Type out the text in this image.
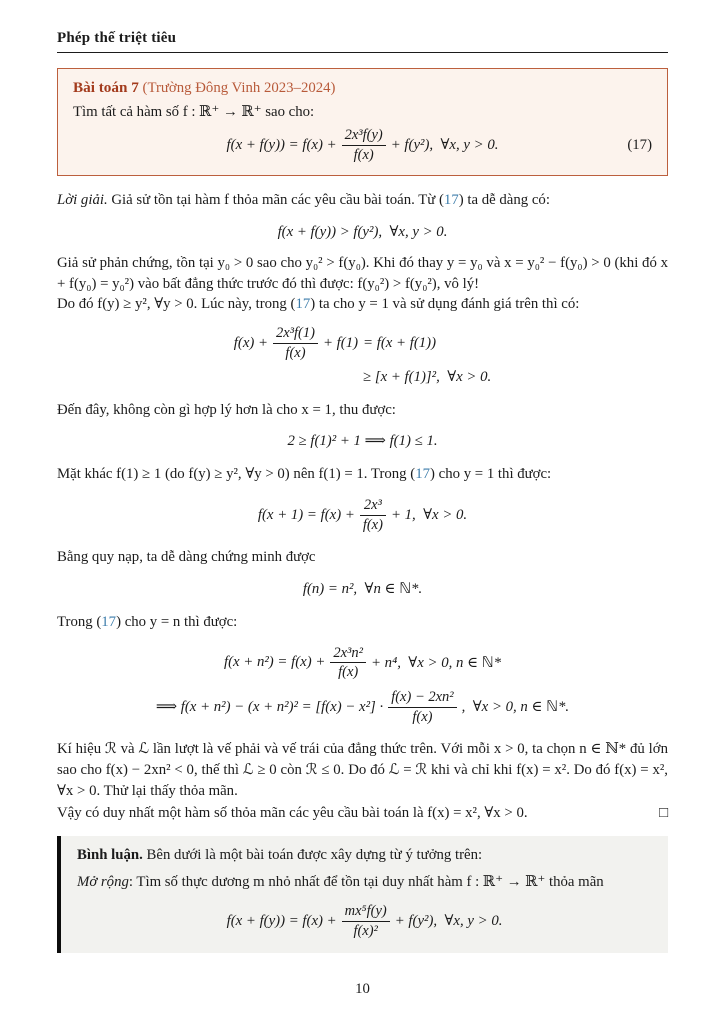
Phép thế triệt tiêu
Bài toán 7 (Trường Đông Vinh 2023–2024)
Tìm tất cả hàm số f : ℝ⁺ → ℝ⁺ sao cho:
$f(x + f(y)) = f(x) + \frac{\text{2x³f(y)}}{f(x)} + f(y^2)$, ∀x, y > 0.	(17)
Lời giải. Giả sử tồn tại hàm f thỏa mãn các yêu cầu bài toán. Từ (17) ta dễ dàng có:
f(x + f(y)) > f(y²), ∀x, y > 0.
Giả sử phản chứng, tồn tại y₀ > 0 sao cho y₀² > f(y₀). Khi đó thay y = y₀ và x = y₀² − f(y₀) > 0 (khi đó x + f(y₀) = y₀²) vào bất đẳng thức trước đó thì được: f(y₀²) > f(y₀²), vô lý!
Do đó f(y) ≥ y², ∀y > 0. Lúc này, trong (17) ta cho y = 1 và sử dụng đánh giá trên thì có:
$f(x) + \frac{\text{2x³f(1)}}{f(x)} + f(1)$	= f(x + f(1))
	≥ [x + f(1)]², ∀x > 0.
Đến đây, không còn gì hợp lý hơn là cho x = 1, thu được:
2 ≥ f(1)² + 1 ⟹ f(1) ≤ 1.
Mặt khác f(1) ≥ 1 (do f(y) ≥ y², ∀y > 0) nên f(1) = 1. Trong (17) cho y = 1 thì được:
$f(x + 1) = f(x) + \frac{\text{2x³}}{f(x)} + 1$, ∀x > 0.
Bằng quy nạp, ta dễ dàng chứng minh được
f(n) = n², ∀n ∈ ℕ*.
Trong (17) cho y = n thì được:
$f(x + n^2) = f(x) + \frac{\text{2x³n²}}{f(x)} + n^4$, ∀x > 0, n ∈ ℕ*
⟹ $f(x + n^2) - (x + n^2)^2 = [f(x) - x^2] \cdot \frac{\text{f(x) − 2xn²}}{f(x)}$ , ∀x > 0, n ∈ ℕ*.
Kí hiệu ℛ và ℒ lần lượt là vế phải và vế trái của đẳng thức trên. Với mỗi x > 0, ta chọn n ∈ ℕ* đủ lớn sao cho f(x) − 2xn² < 0, thế thì ℒ ≥ 0 còn ℛ ≤ 0. Do đó ℒ = ℛ khi và chỉ khi f(x) = x². Do đó f(x) = x², ∀x > 0. Thử lại thấy thỏa mãn.
□
Vậy có duy nhất một hàm số thỏa mãn các yêu cầu bài toán là f(x) = x², ∀x > 0.
Bình luận. Bên dưới là một bài toán được xây dựng từ ý tưởng trên:
Mở rộng: Tìm số thực dương m nhỏ nhất để tồn tại duy nhất hàm f : ℝ⁺ → ℝ⁺ thỏa mãn
$f(x + f(y)) = f(x) + \frac{\text{mx⁵f(y)}}{\text{f(x)²}} + f(y^2)$, ∀x, y > 0.
10
